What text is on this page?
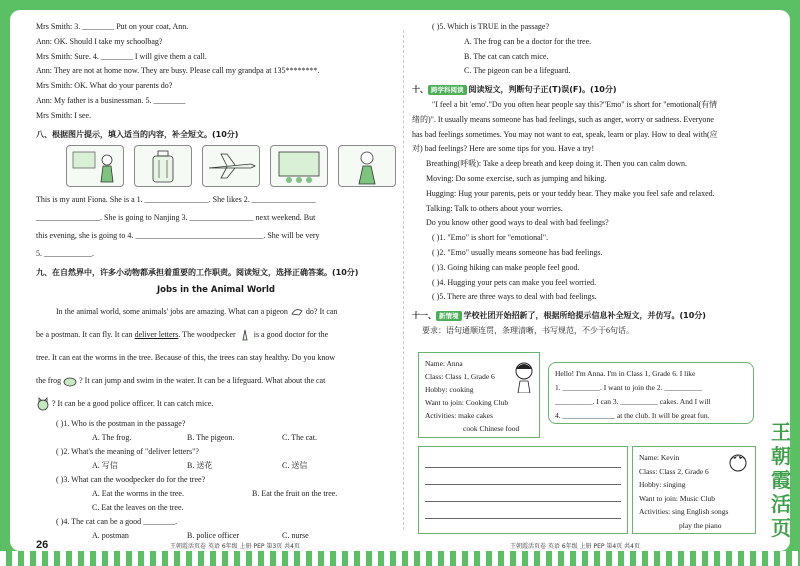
Mrs Smith: 3. ________ Put on your coat, Ann.
Ann: OK. Should I take my schoolbag?
Mrs Smith: Sure. 4. ________ I will give them a call.
Ann: They are not at home now. They are busy. Please call my grandpa at 135********.
Mrs Smith: OK. What do your parents do?
Ann: My father is a businessman. 5. ________
Mrs Smith: I see.
八、根据图片提示，填入适当的内容，补全短文。(10分)
This is my aunt Fiona. She is a 1. ________________. She likes 2. ________________
________________. She is going to Nanjing 3. ________________ next weekend. But
this evening, she is going to 4. ________________________________. She will be very
5. ____________.
九、在自然界中，许多小动物都承担着重要的工作职责。阅读短文，选择正确答案。(10分)
Jobs in the Animal World
In the animal world, some animals' jobs are amazing. What can a pigeon do? It can
be a postman. It can fly. It can deliver letters. The woodpecker is a good doctor for the
tree. It can eat the worms in the tree. Because of this, the trees can stay healthy. Do you know
the frog ? It can jump and swim in the water. It can be a lifeguard. What about the cat
? It can be a good police officer. It can catch mice.
( )1. Who is the postman in the passage?
A. The frog.	B. The pigeon.	C. The cat.
( )2. What's the meaning of "deliver letters"?
A. 写信	B. 送花	C. 送信
( )3. What can the woodpecker do for the tree?
A. Eat the worms in the tree.	B. Eat the fruit on the tree.
C. Eat the leaves on the tree.
( )4. The cat can be a good ________.
A. postman	B. police officer	C. nurse
26	王朝霞活页卷 英语 6年级 上册 PEP 第3页 共4页
( )5. Which is TRUE in the passage?
A. The frog can be a doctor for the tree.
B. The cat can catch mice.
C. The pigeon can be a lifeguard.
十、 跨学科阅读 阅读短文，判断句子正(T)误(F)。(10分)
"I feel a bit 'emo'."Do you often hear people say this?"Emo" is short for "emotional(有情
绪的)". It usually means someone has bad feelings, such as anger, worry or sadness. Everyone
has bad feelings sometimes. You may not want to eat, speak, learn or play. How to deal with(应
对) bad feelings? Here are some tips for you. Have a try!
Breathing(呼吸): Take a deep breath and keep doing it. Then you can calm down.
Moving: Do some exercise, such as jumping and hiking.
Hugging: Hug your parents, pets or your teddy bear. They make you feel safe and relaxed.
Talking: Talk to others about your worries.
Do you know other good ways to deal with bad feelings?
( )1. "Emo" is short for "emotional".
( )2. "Emo" usually means someone has bad feelings.
( )3. Going hiking can make people feel good.
( )4. Hugging your pets can make you feel worried.
( )5. There are three ways to deal with bad feelings.
十一、 新情境 学校社团开始招新了，根据所给提示信息补全短文，并仿写。(10分)
要求：语句通顺连贯，条理清晰，书写规范，不少于6句话。
Name: Anna
Class: Class 1, Grade 6
Hobby: cooking
Want to join: Cooking Club
Activities: make cakes
cook Chinese food
Hello! I'm Anna. I'm in Class 1, Grade 6. I like
1. __________. I want to join the 2. __________
__________. I can 3. __________ cakes. And I will
4. ______________ at the club. It will be great fun.
Name: Kevin
Class: Class 2, Grade 6
Hobby: singing
Want to join: Music Club
Activities: sing English songs
play the piano
王朝霞活页卷 英语 6年级 上册 PEP 第4页 共4页
王朝霞活页
